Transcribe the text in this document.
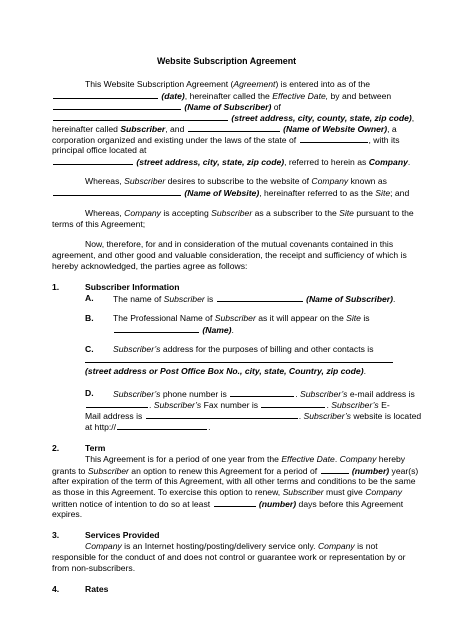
Website Subscription Agreement
This Website Subscription Agreement (Agreement) is entered into as of the
(date), hereinafter called the Effective Date, by and between
(Name of Subscriber) of
(street address, city, county, state, zip code),
hereinafter called Subscriber, and	(Name of Website Owner), a
corporation organized and existing under the laws of the state of	, with its
principal office located at
(street address, city, state, zip code), referred to herein as Company.
Whereas, Subscriber desires to subscribe to the website of Company known as
(Name of Website), hereinafter referred to as the Site; and
Whereas, Company is accepting Subscriber as a subscriber to the Site pursuant to the
terms of this Agreement;
Now, therefore, for and in consideration of the mutual covenants contained in this
agreement, and other good and valuable consideration, the receipt and sufficiency of which is
hereby acknowledged, the parties agree as follows:
1.	Subscriber Information
A. The name of Subscriber is	(Name of Subscriber).
B. The Professional Name of Subscriber as it will appear on the Site is
(Name).
C. Subscriber’s address for the purposes of billing and other contacts is
(street address or Post Office Box No., city, state, Country, zip code).
D. Subscriber’s phone number is	. Subscriber’s e-mail address is
. Subscriber’s Fax number is	. Subscriber’s E-
Mail address is	. Subscriber’s website is located
at http://	.
2.	Term
This Agreement is for a period of one year from the Effective Date. Company hereby
grants to Subscriber an option to renew this Agreement for a period of	(number) year(s)
after expiration of the term of this Agreement, with all other terms and conditions to be the same
as those in this Agreement. To exercise this option to renew, Subscriber must give Company
written notice of intention to do so at least	(number) days before this Agreement
expires.
3.	Services Provided
Company is an Internet hosting/posting/delivery service only. Company is not
responsible for the conduct of and does not control or guarantee work or representation by or
from non-subscribers.
4.	Rates
